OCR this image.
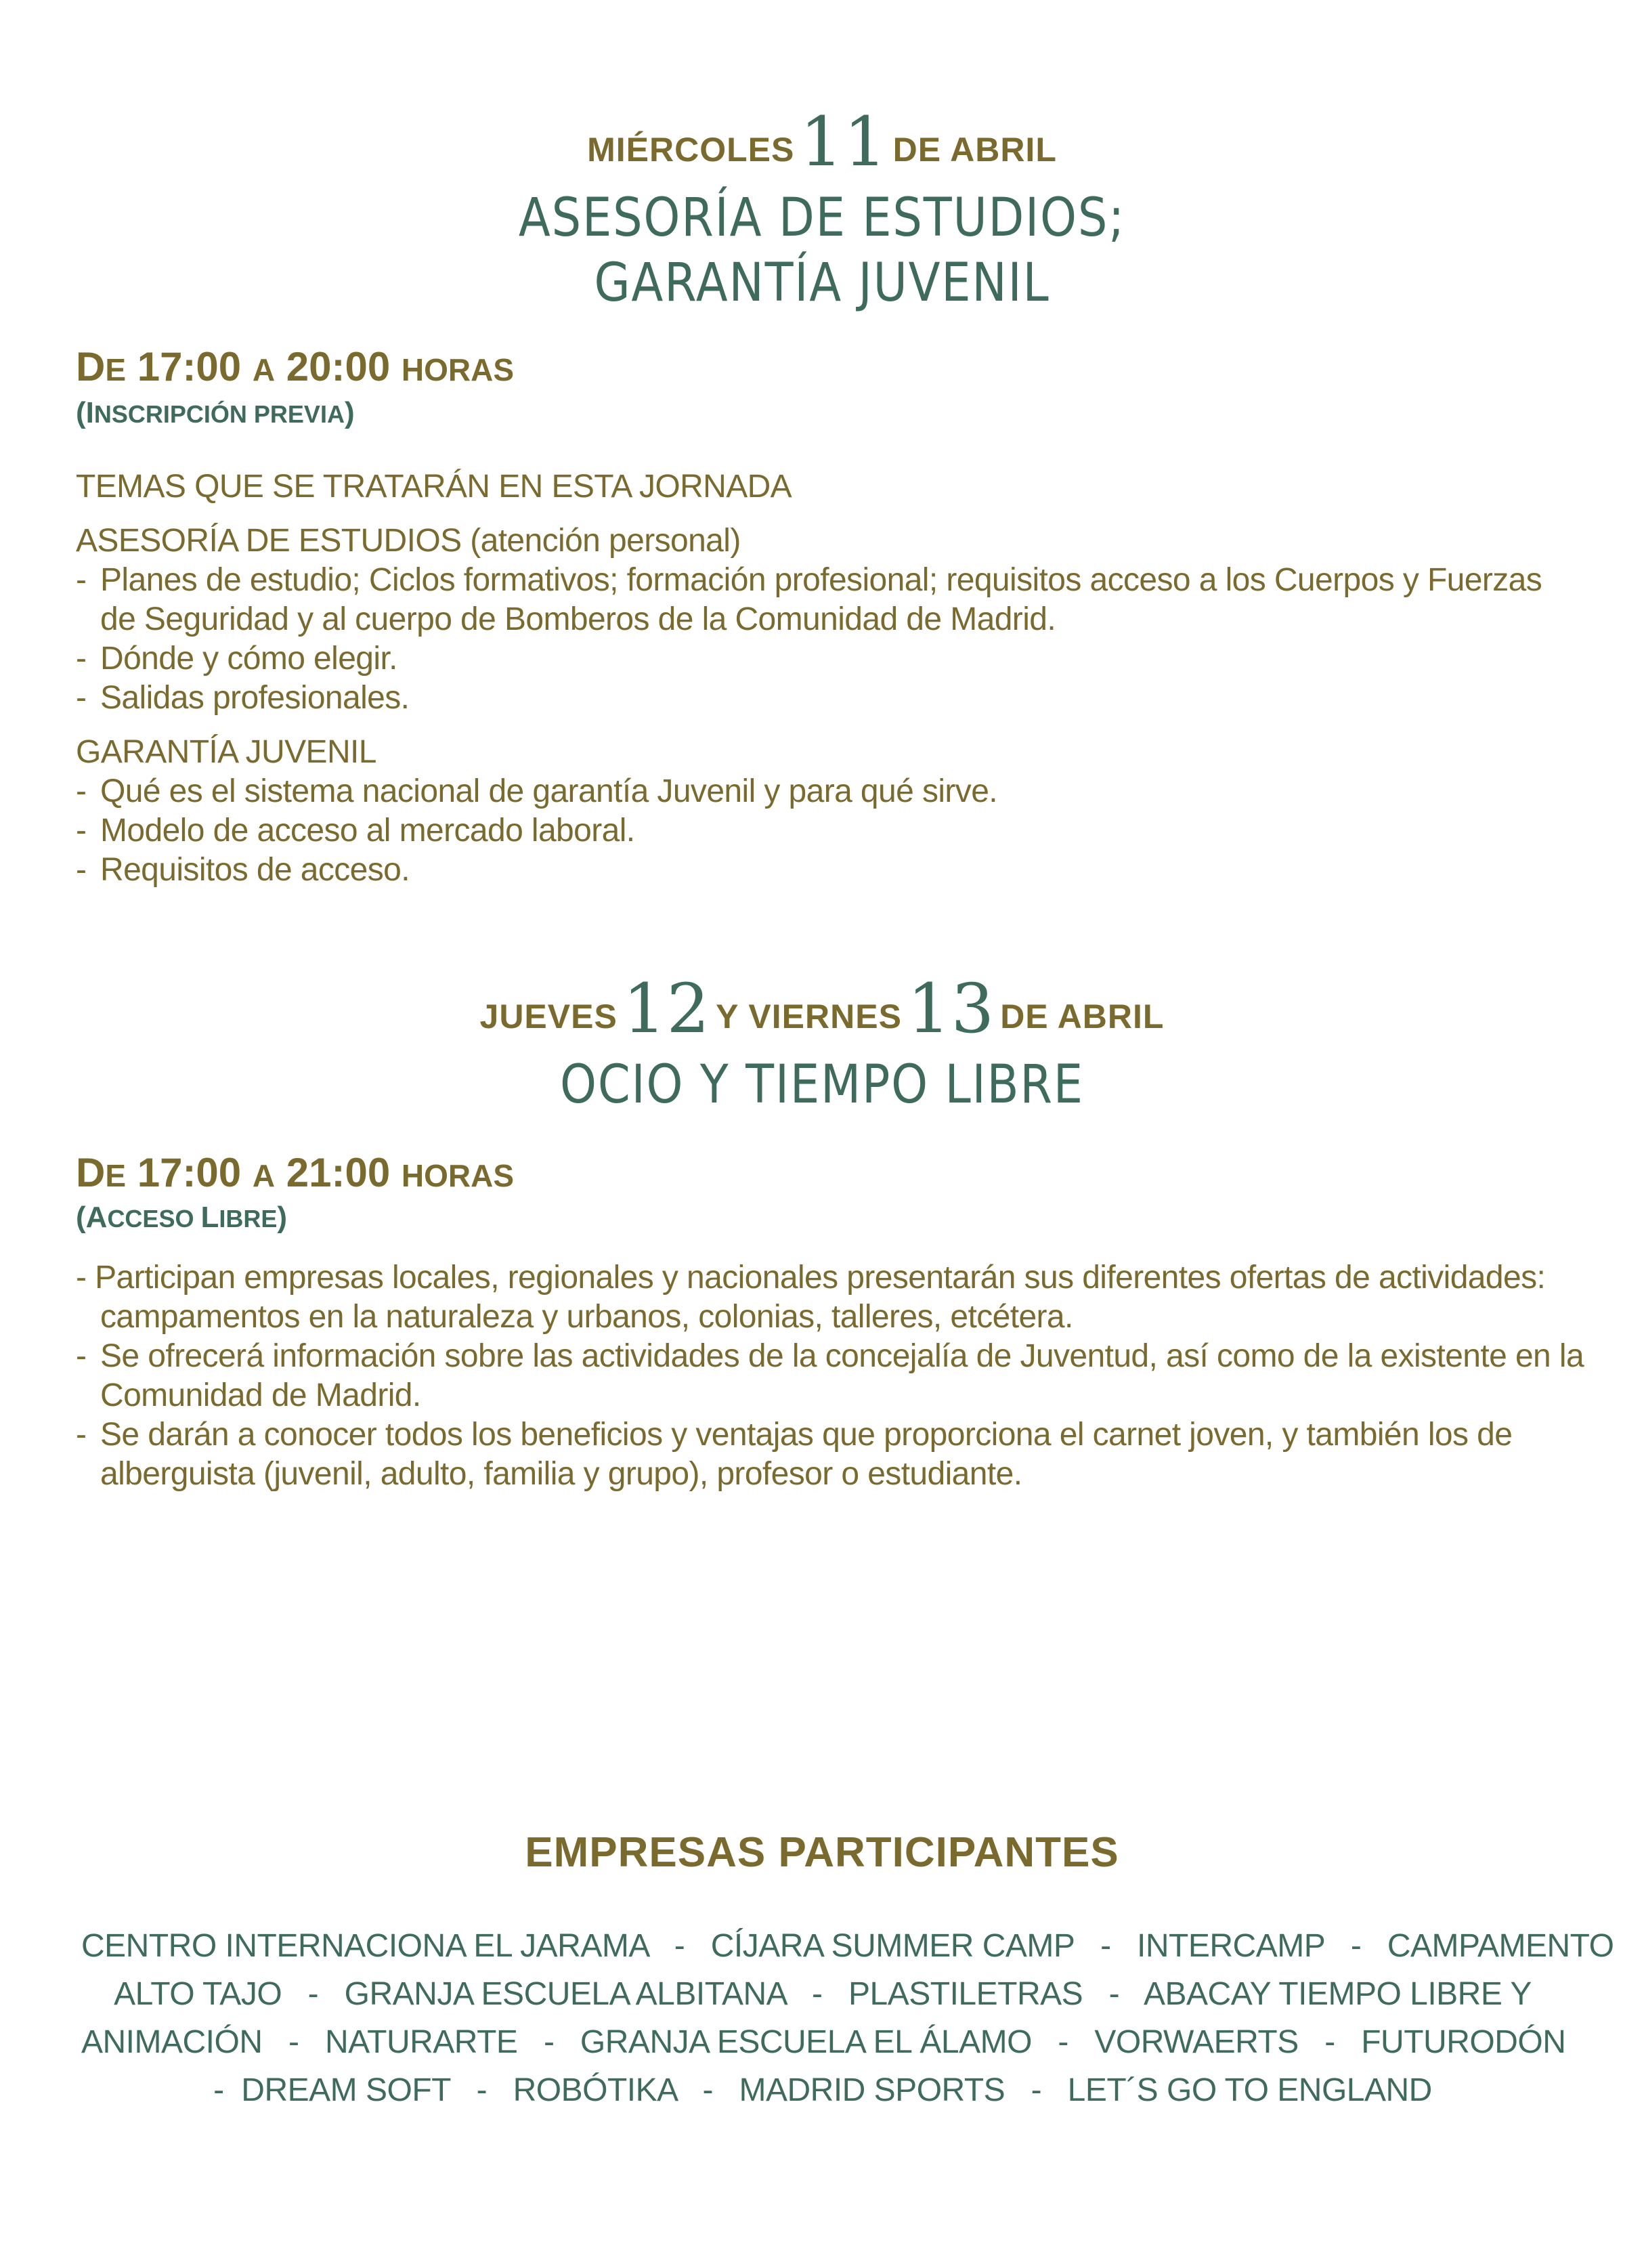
MIÉRCOLES11 DE ABRIL
ASESORÍA DE ESTUDIOS;
GARANTÍA JUVENIL
DE 17:00 A 20:00 HORAS
(INSCRIPCIÓN PREVIA)

TEMAS QUE SE TRATARÁN EN ESTA JORNADA

ASESORÍA DE ESTUDIOS (atención personal)

- Planes de estudio; Ciclos formativos; formación profesional; requisitos acceso a los Cuerpos y Fuerzas de Seguridad y al cuerpo de Bomberos de la Comunidad de Madrid.
- Dónde y cómo elegir.
- Salidas profesionales.

GARANTÍA JUVENIL

- Qué es el sistema nacional de garantía Juvenil y para qué sirve.
- Modelo de acceso al mercado laboral.
- Requisitos de acceso.
JUEVES12 Y VIERNES13 DE ABRIL
OCIO Y TIEMPO LIBRE
DE 17:00 A 21:00 HORAS
(ACCESO LIBRE)

- Participan empresas locales, regionales y nacionales presentarán sus diferentes ofertas de actividades: campamentos en la naturaleza y urbanos, colonias, talleres, etcétera.

- Se ofrecerá información sobre las actividades de la concejalía de Juventud, así como de la existente en la Comunidad de Madrid.
- Se darán a conocer todos los beneficios y ventajas que proporciona el carnet joven, y también los de alberguista (juvenil, adulto, familia y grupo), profesor o estudiante.
EMPRESAS PARTICIPANTES
CENTRO INTERNACIONA EL JARAMA   -   CÍJARA SUMMER CAMP   -   INTERCAMP   -   CAMPAMENTO
ALTO TAJO   -   GRANJA ESCUELA ALBITANA   -   PLASTILETRAS   -   ABACAY TIEMPO LIBRE Y
ANIMACIÓN   -   NATURARTE   -   GRANJA ESCUELA EL ÁLAMO   -   VORWAERTS   -   FUTURODÓN
-  DREAM SOFT   -   ROBÓTIKA   -   MADRID SPORTS   -   LET´S GO TO ENGLAND
